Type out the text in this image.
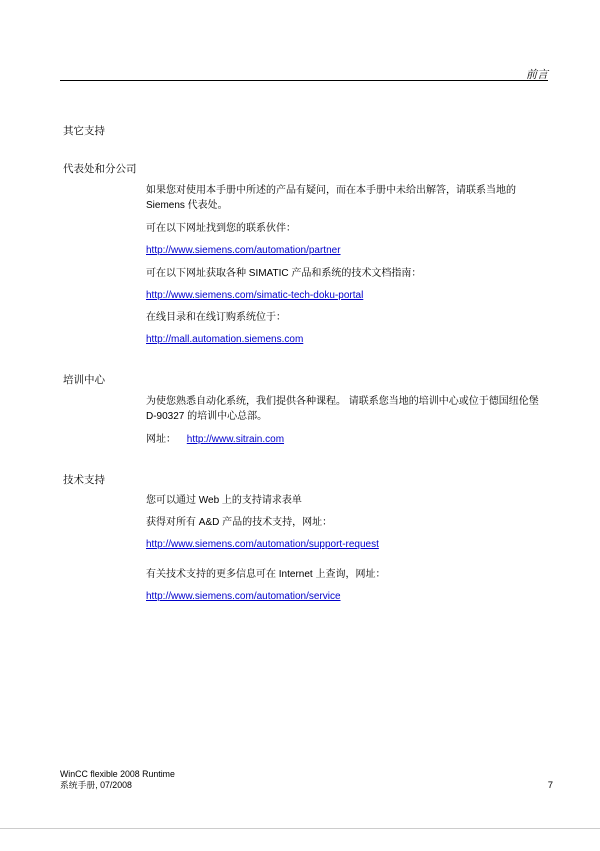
前言
其它支持
代表处和分公司

如果您对使用本手册中所述的产品有疑问，而在本手册中未给出解答，请联系当地的Siemens 代表处。

可在以下网址找到您的联系伙伴：

http://www.siemens.com/automation/partner

可在以下网址获取各种 SIMATIC 产品和系统的技术文档指南：

http://www.siemens.com/simatic-tech-doku-portal

在线目录和在线订购系统位于：

http://mall.automation.siemens.com
培训中心

为使您熟悉自动化系统，我们提供各种课程。 请联系您当地的培训中心或位于德国纽伦堡 D-90327 的培训中心总部。

网址： http://www.sitrain.com
技术支持

您可以通过 Web 上的支持请求表单

获得对所有 A&D 产品的技术支持，网址：

http://www.siemens.com/automation/support-request

有关技术支持的更多信息可在 Internet 上查询，网址：

http://www.siemens.com/automation/service
WinCC flexible 2008 Runtime
系统手册, 07/2008	7
